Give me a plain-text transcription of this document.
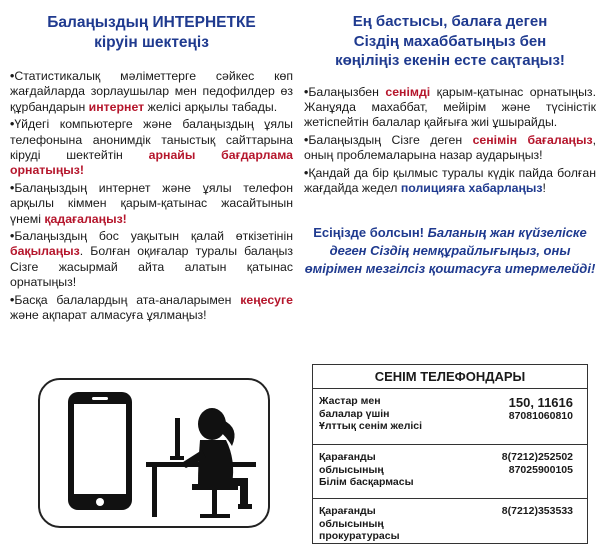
Балаңыздың ИНТЕРНЕТКЕ
кіруін шектеңіз
•Статистикалық мәліметтерге сәйкес көп жағдайларда зорлаушылар мен педофилдер өз құрбандарын интернет желісі арқылы табады.
•Үйдегі компьютерге және балаңыздың ұялы телефонына анонимдік таныстық сайттарына кіруді шектейтін арнайы бағдарлама орнатыңыз!
•Балаңыздың интернет және ұялы телефон арқылы кіммен қарым-қатынас жасайтынын үнемі қадағалаңыз!
•Балаңыздың бос уақытын қалай өткізетінін бақылаңыз. Болған оқиғалар туралы балаңыз Сізге жасырмай айта алатын қатынас орнатыңыз!
•Басқа балалардың ата-аналарымен кеңесуге және ақпарат алмасуға ұялмаңыз!
Ең бастысы, балаға деген
Сіздің махаббатыңыз бен
көңіліңіз екенін есте сақтаңыз!
•Балаңызбен сенімді қарым-қатынас орнатыңыз. Жанұяда махаббат, мейірім және түсіністік жетіспейтін балалар қайғыға жиі ұшырайды.
•Балаңыздың Сізге деген сенімін бағалаңыз, оның проблемаларына назар аударыңыз!
•Қандай да бір қылмыс туралы күдік пайда болған жағдайда жедел полицияға хабарлаңыз!
Есіңізде болсын! Баланың жан күйзеліске деген Сіздің немқұрайлығыңыз, оны өмірімен мезгілсіз қоштасуға итермелейді!
СЕНІМ ТЕЛЕФОНДАРЫ
Жастар мен
балалар үшін
Ұлттық сенім желісі
150, 11616
87081060810
Қарағанды
облысының
Білім басқармасы
8(7212)252502
87025900105
Қарағанды
облысының
прокуратурасы
8(7212)353533
